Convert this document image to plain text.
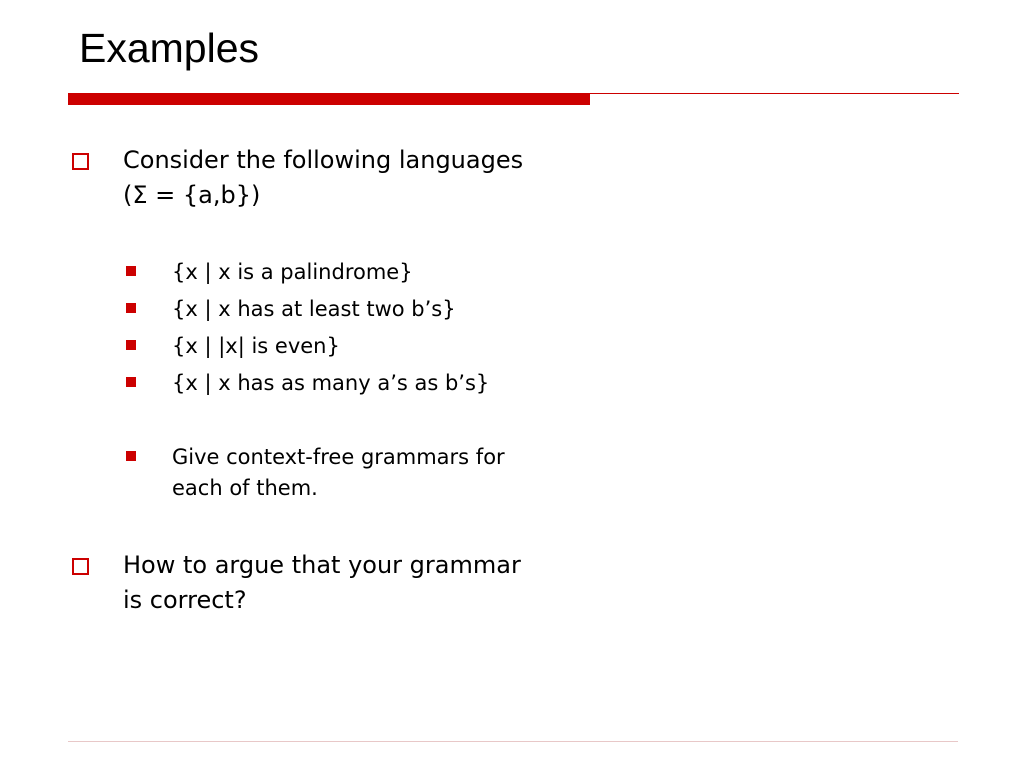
Examples
Consider the following languages (Σ = {a,b})
{x | x is a palindrome}
{x | x has at least two b’s}
{x | |x| is even}
{x | x has as many a’s as b’s}
Give context-free grammars for each of them.
How to argue that your grammar is correct?
